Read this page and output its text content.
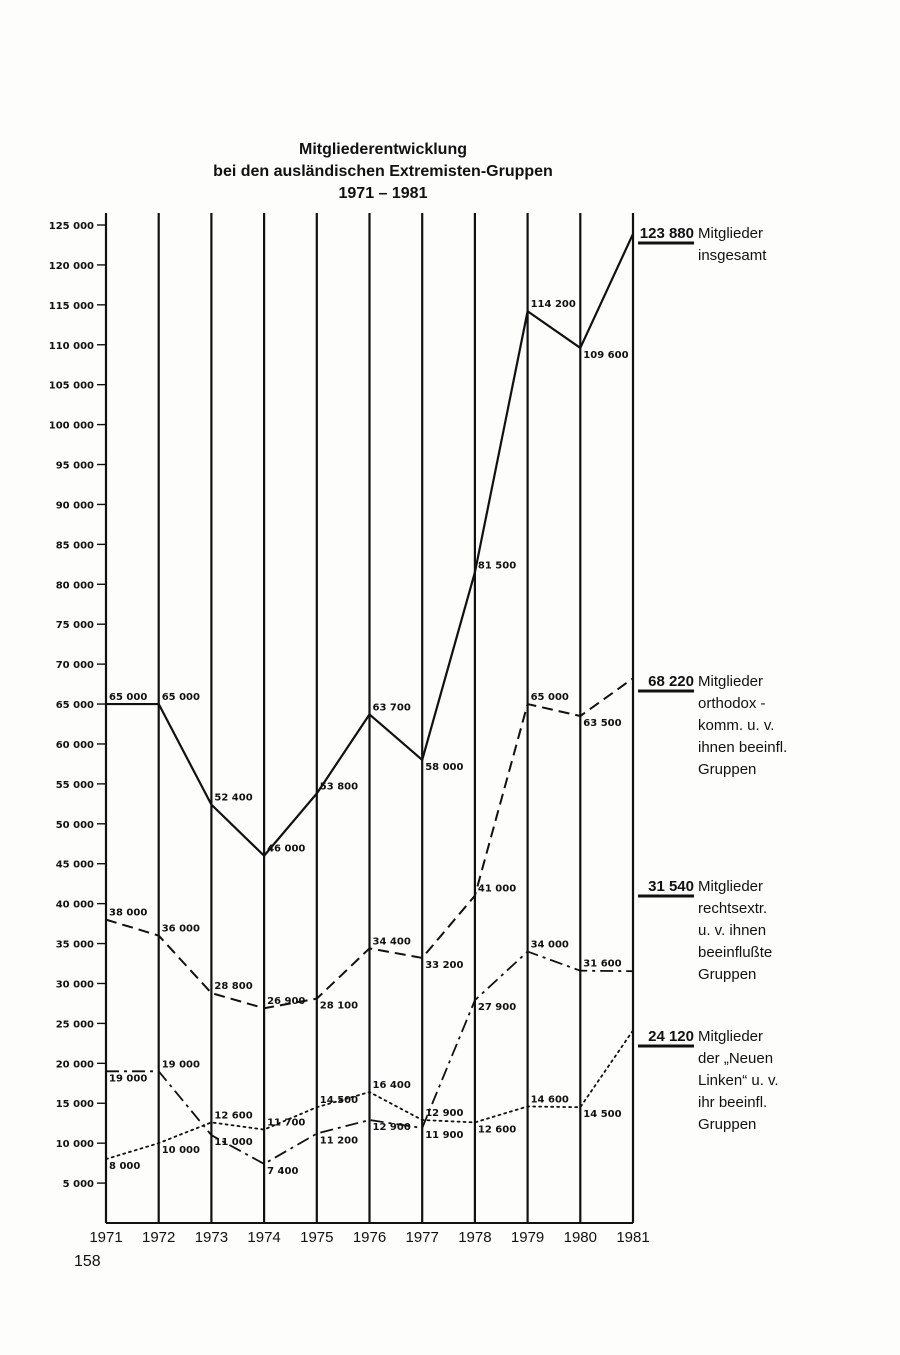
Mitgliederentwicklung
bei den ausländischen Extremisten-Gruppen
1971 – 1981
5 000
10 000
15 000
20 000
25 000
30 000
35 000
40 000
45 000
50 000
55 000
60 000
65 000
70 000
75 000
80 000
85 000
90 000
95 000
100 000
105 000
110 000
115 000
120 000
125 000
1971 1972 1973 1974 1975 1976 1977 1978 1979 1980 1981
65 000 65 000
52 400
46 000
53 800
63 700
58 000
81 500
114 200
109 600
38 000
36 000
28 800
26 900 28 100
34 400
33 200
41 000
65 000
63 500
19 000
19 000
11 000
7 400
11 200
12 900
11 900
27 900
34 000
31 600
8 000
10 000
12 600
11 700
14 500
16 400
12 900
12 600
14 600
14 500
123 880 Mitglieder
insgesamt
68 220 Mitglieder
orthodox -
komm. u. v.
ihnen beeinfl.
Gruppen
31 540 Mitglieder
rechtsextr.
u. v. ihnen
beeinflußte
Gruppen
24 120 Mitglieder
der „Neuen
Linken“ u. v.
ihr beeinfl.
Gruppen
158
